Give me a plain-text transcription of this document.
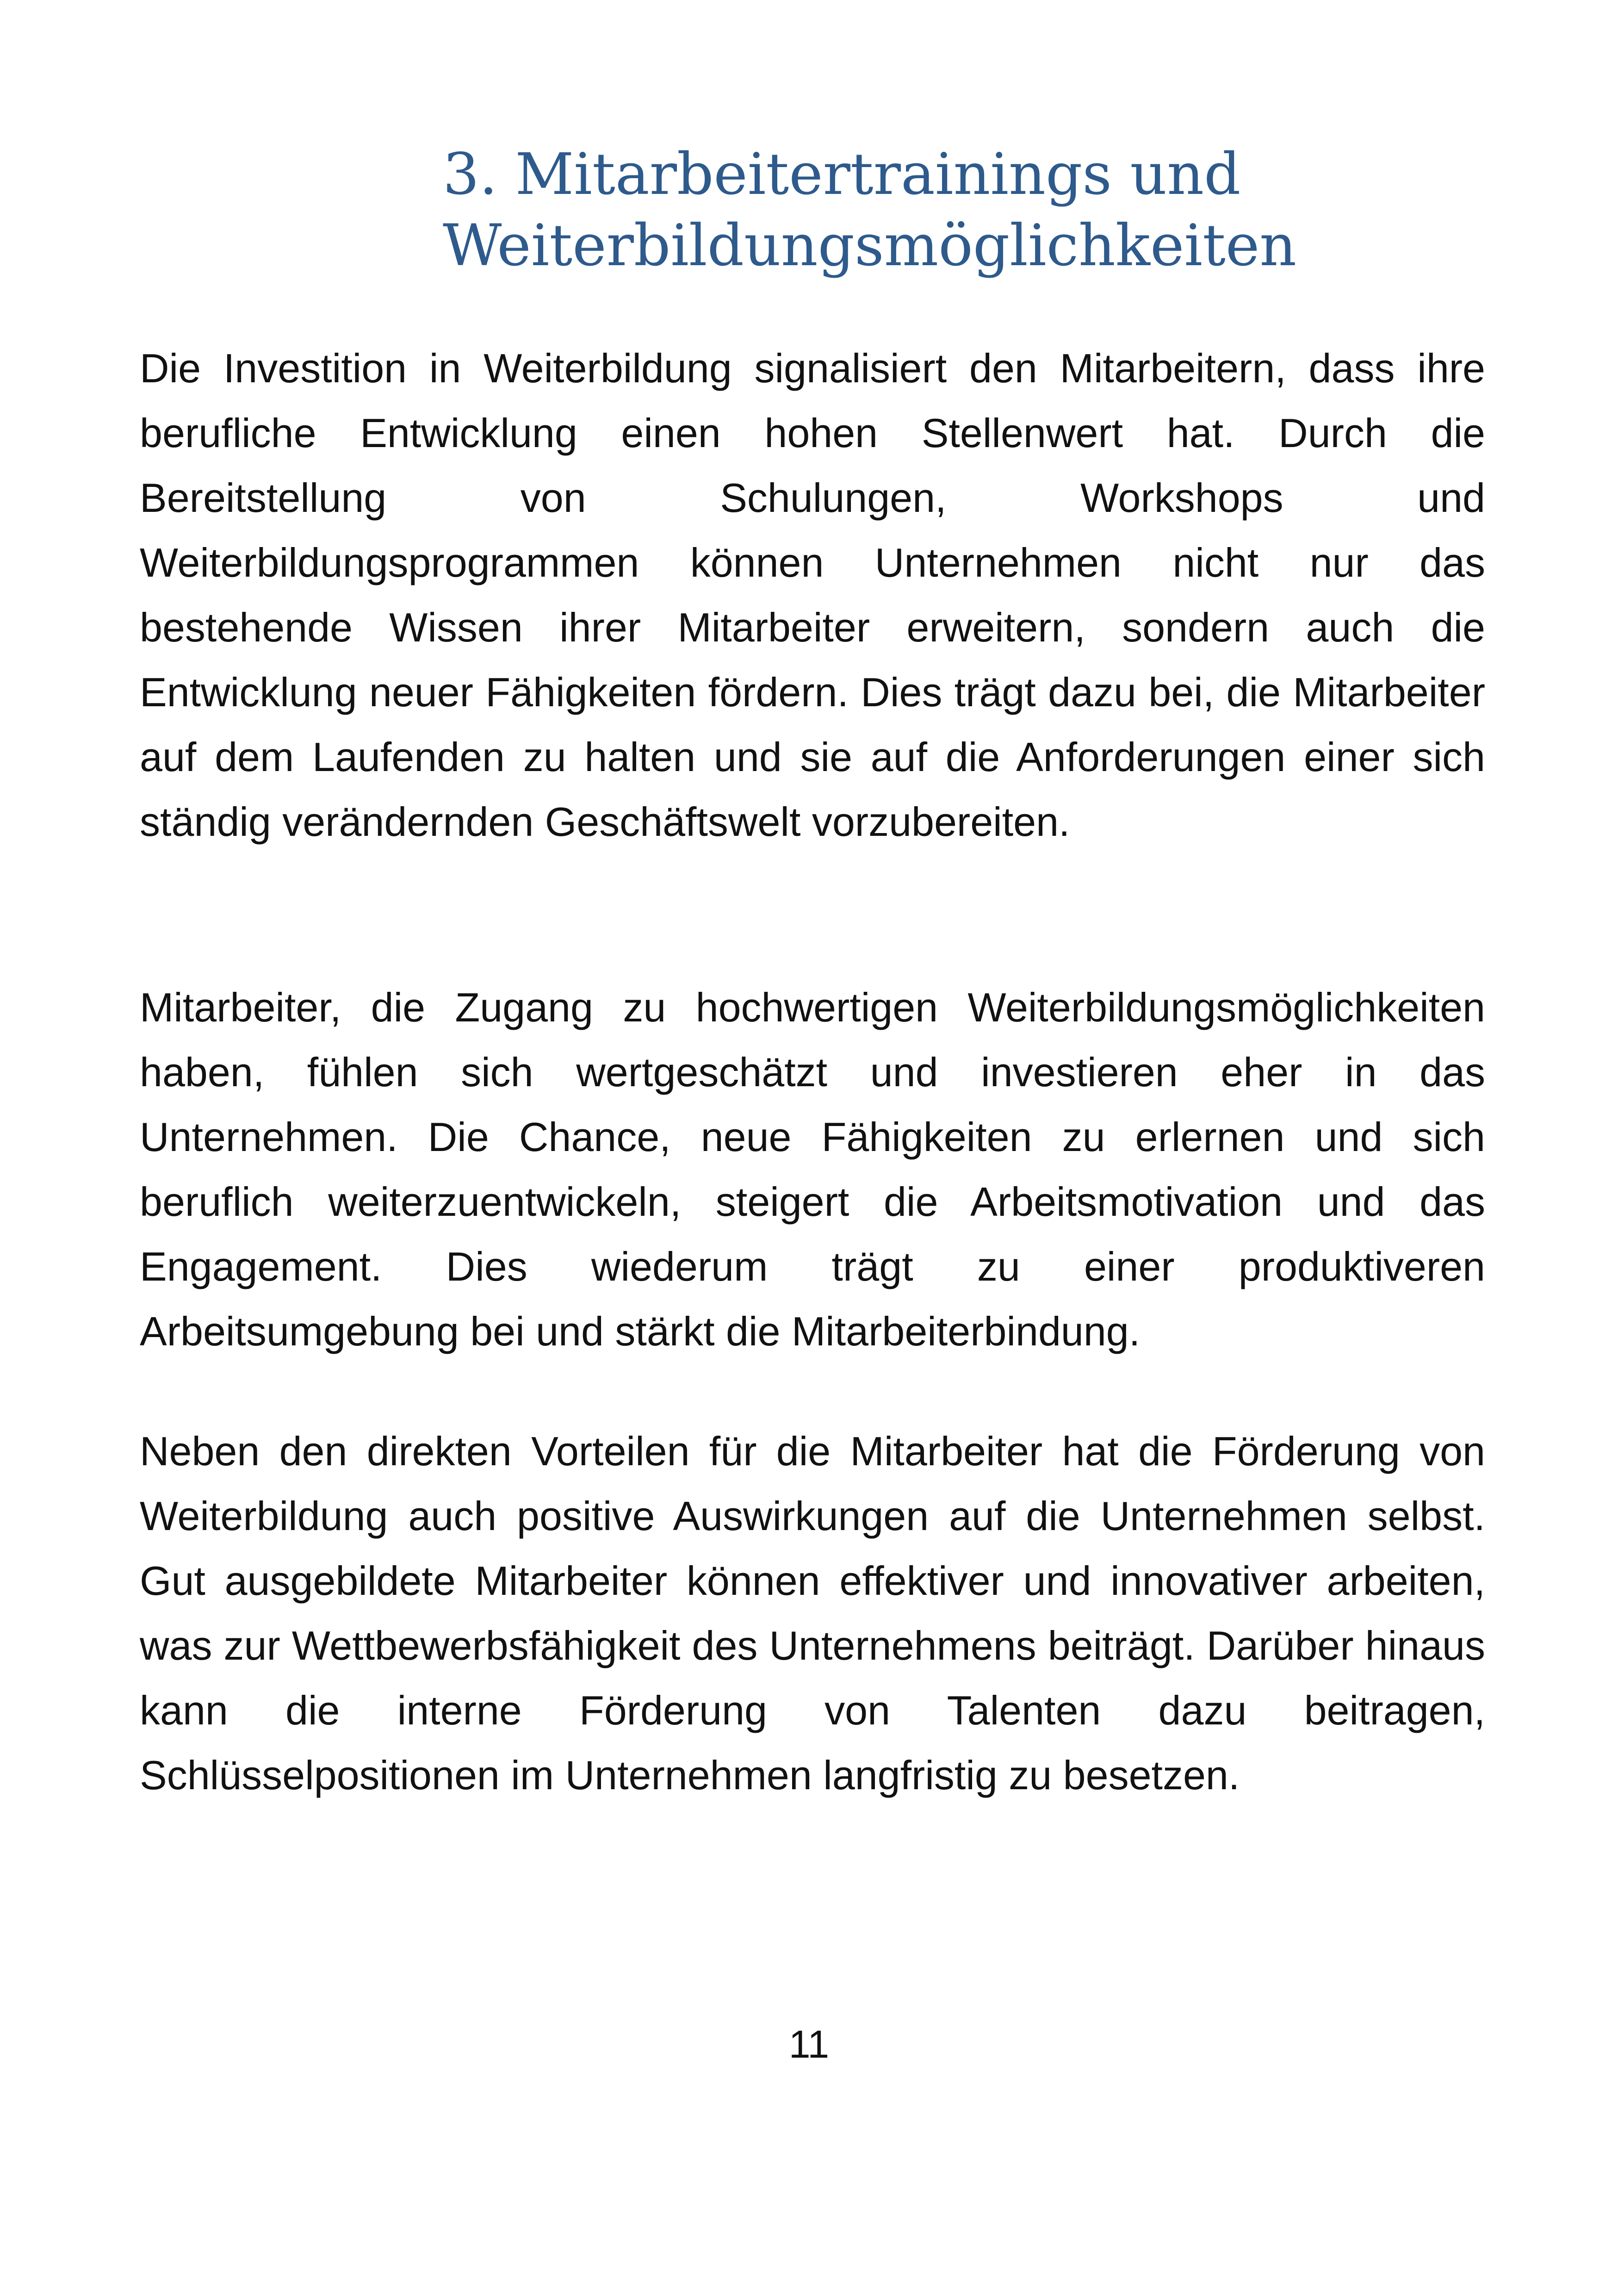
3. Mitarbeitertrainings und
Weiterbildungsmöglichkeiten

Die Investition in Weiterbildung signalisiert den Mitarbeitern, dass ihre berufliche Entwicklung einen hohen Stellenwert hat. Durch die Bereitstellung von Schulungen, Workshops und Weiterbildungsprogrammen können Unternehmen nicht nur das bestehende Wissen ihrer Mitarbeiter erweitern, sondern auch die Entwicklung neuer Fähigkeiten fördern. Dies trägt dazu bei, die Mitarbeiter auf dem Laufenden zu halten und sie auf die Anforderungen einer sich ständig verändernden Geschäftswelt vorzubereiten.

Mitarbeiter, die Zugang zu hochwertigen Weiterbildungsmöglichkeiten haben, fühlen sich wertgeschätzt und investieren eher in das Unternehmen. Die Chance, neue Fähigkeiten zu erlernen und sich beruflich weiterzuentwickeln, steigert die Arbeitsmotivation und das Engagement. Dies wiederum trägt zu einer produktiveren Arbeitsumgebung bei und stärkt die Mitarbeiterbindung.

Neben den direkten Vorteilen für die Mitarbeiter hat die Förderung von Weiterbildung auch positive Auswirkungen auf die Unternehmen selbst. Gut ausgebildete Mitarbeiter können effektiver und innovativer arbeiten, was zur Wettbewerbsfähigkeit des Unternehmens beiträgt. Darüber hinaus kann die interne Förderung von Talenten dazu beitragen, Schlüsselpositionen im Unternehmen langfristig zu besetzen.

11
